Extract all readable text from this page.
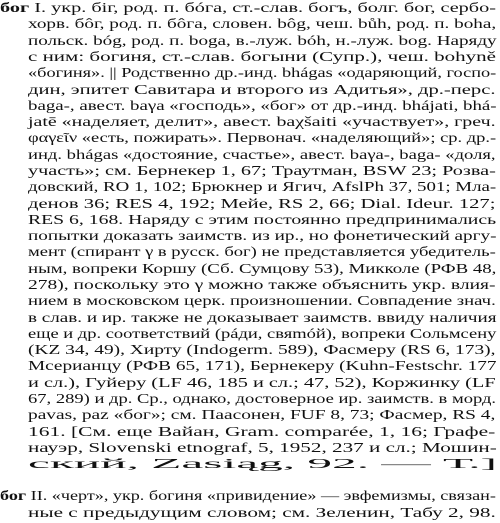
бог I. укр. біг, род. п. бóга, ст.-слав. богъ, болг. бог, сербо-
хорв. бôг, род. п. бôга, словен. bôg, чеш. bůh, род. п. boha,
польск. bóg, род. п. boga, в.-луж. bóh, н.-луж. bog. Наряду
с ним: богиня, ст.-слав. богыни (Супр.), чеш. bohyně
«богиня». || Родственно др.-инд. bhágas «одаряющий, госпо-
дин, эпитет Савитара и второго из Адитья», др.-перс.
baga-, авест. baγa «господь», «бог» от др.-инд. bhájati, bhá-
jatē «наделяет, делит», авест. baχšaiti «участвует», греч.
φαγεῖν «есть, пожирать». Первонач. «наделяющий»; ср. др.-
инд. bhágas «достояние, счастье», авест. baγa-, baga- «доля,
участь»; см. Бернекер 1, 67; Траутман, BSW 23; Розва-
довский, RO 1, 102; Брюкнер и Ягич, AfslPh 37, 501; Мла-
денов 36; RES 4, 192; Мейе, RS 2, 66; Dial. Ideur. 127;
RES 6, 168. Наряду с этим постоянно предпринимались
попытки доказать заимств. из ир., но фонетический аргу-
мент (спирант γ в русск. бог) не представляется убедитель-
ным, вопреки Коршу (Сб. Сумцову 53), Микколе (РФВ 48,
278), поскольку это γ можно также объяснить укр. влия-
нием в московском церк. произношении. Совпадение знач.
в слав. и ир. также не доказывает заимств. ввиду наличия
еще и др. соответствий (рáди, свяmóй), вопреки Сольмсену
(KZ 34, 49), Хирту (Indogerm. 589), Фасмеру (RS 6, 173),
Мсерианцу (РФВ 65, 171), Бернекеру (Kuhn-Festschr. 177
и сл.), Гуйеру (LF 46, 185 и сл.; 47, 52), Коржинку (LF
67, 289) и др. Ср., однако, достоверное ир. заимств. в морд.
pavas, paz «бог»; см. Паасонен, FUF 8, 73; Фасмер, RS 4,
161. [См. еще Вайан, Gram. comparée, 1, 16; Графе-
науэр, Slovenski etnograf, 5, 1952, 237 и сл.; Мошин-
ский, Zasiąg, 92. — Т.]
бог II. «черт», укр. богиня «привидение» — эвфемизмы, связан-
ные с предыдущим словом; см. Зеленин, Табу 2, 98.
